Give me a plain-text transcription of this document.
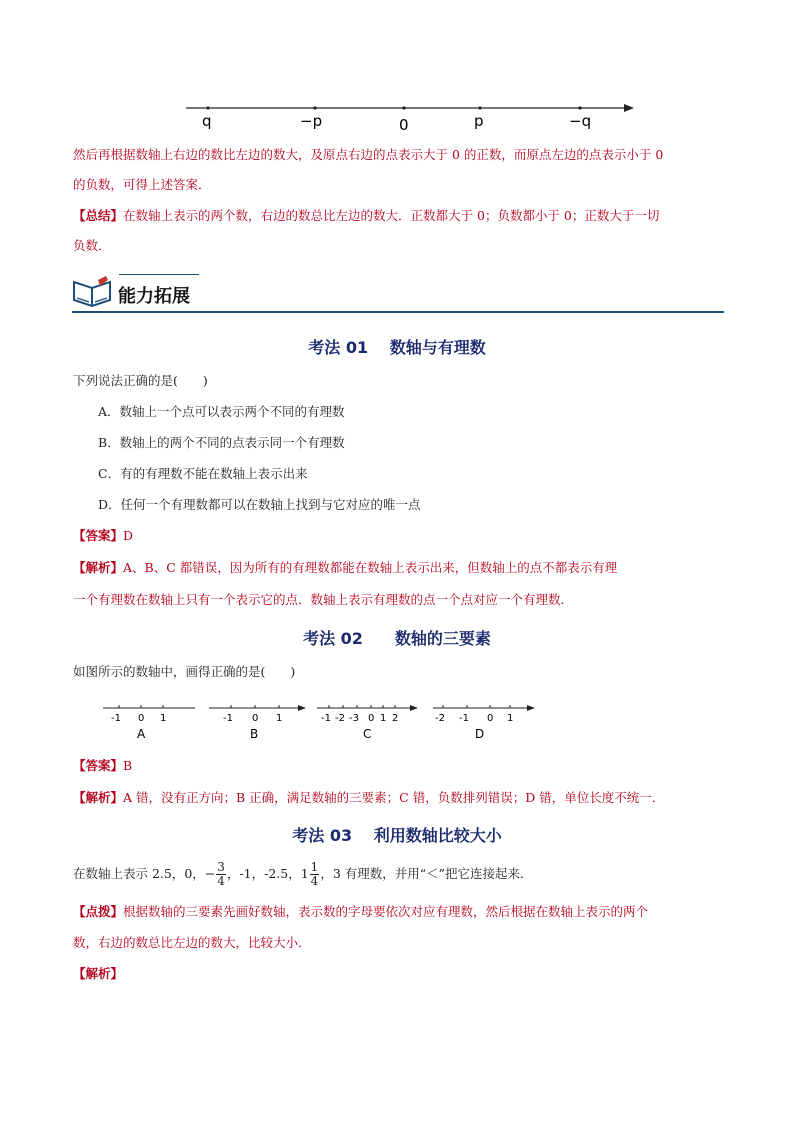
q	−p	0	p	−q
然后再根据数轴上右边的数比左边的数大，及原点右边的点表示大于 0 的正数，而原点左边的点表示小于 0
的负数，可得上述答案．
【总结】在数轴上表示的两个数，右边的数总比左边的数大．正数都大于 0；负数都小于 0；正数大于一切
负数．
能力拓展
考法 01　 数轴与有理数
下列说法正确的是(　　)
A．数轴上一个点可以表示两个不同的有理数
B．数轴上的两个不同的点表示同一个有理数
C．有的有理数不能在数轴上表示出来
D．任何一个有理数都可以在数轴上找到与它对应的唯一点
【答案】D
【解析】A、B、C 都错误，因为所有的有理数都能在数轴上表示出来，但数轴上的点不都表示有理
一个有理数在数轴上只有一个表示它的点．数轴上表示有理数的点一个点对应一个有理数．
考法 02　　数轴的三要素
如图所示的数轴中，画得正确的是(　　)
-1 0 1
A
-1 0 1
B
-1 -2 -3 0 1 2
C
-2 -1 0 1
D
【答案】B
【解析】A 错，没有正方向；B 正确，满足数轴的三要素；C 错，负数排列错误；D 错，单位长度不统一．
考法 03　 利用数轴比较大小
在数轴上表示 2.5，0，− $\frac{3}{4}$ ，-1，-2.5，$1 \frac{1}{4}$ ，3 有理数，并用“＜”把它连接起来．
【点拨】根据数轴的三要素先画好数轴，表示数的字母要依次对应有理数，然后根据在数轴上表示的两个
数，右边的数总比左边的数大，比较大小．
【解析】
